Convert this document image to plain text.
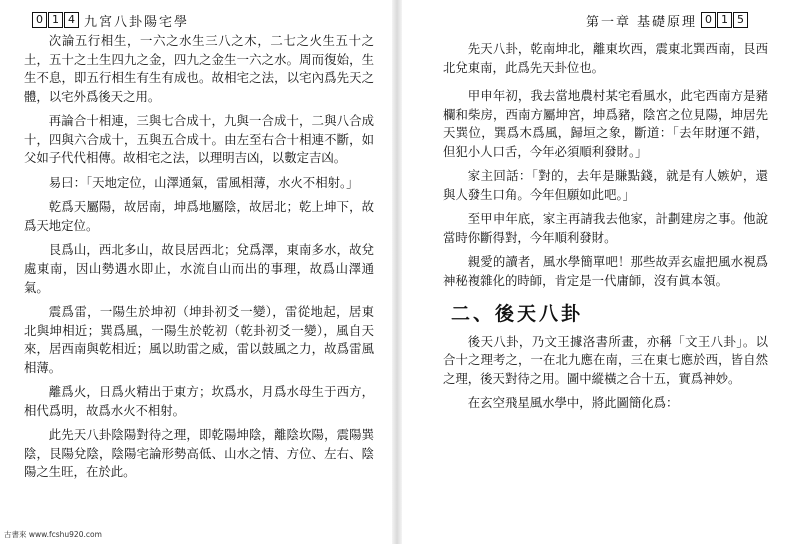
0 1 4 九宮八卦陽宅學

次論五行相生，一六之水生三八之木，二七之火生五十之土，五十之土生四九之金，四九之金生一六之水。周而復始，生生不息，即五行相生有生有成也。故相宅之法，以宅內爲先天之體，以宅外爲後天之用。

再論合十相連，三與七合成十，九與一合成十，二與八合成十，四與六合成十，五與五合成十。由左至右合十相連不斷，如父如子代代相傳。故相宅之法，以理明吉凶，以數定吉凶。

易曰：「天地定位，山澤通氣，雷風相薄，水火不相射。」

乾爲天屬陽，故居南，坤爲地屬陰，故居北；乾上坤下，故爲天地定位。

艮爲山，西北多山，故艮居西北；兌爲澤，東南多水，故兌處東南，因山勢遇水即止，水流自山而出的事理，故爲山澤通氣。

震爲雷，一陽生於坤初（坤卦初爻一變），雷從地起，居東北與坤相近；巽爲風，一陽生於乾初（乾卦初爻一變），風自天來，居西南與乾相近；風以助雷之威，雷以鼓風之力，故爲雷風相薄。

離爲火，日爲火精出于東方；坎爲水，月爲水母生于西方，相代爲明，故爲水火不相射。

此先天八卦陰陽對待之理，即乾陽坤陰，離陰坎陽，震陽巽陰，艮陽兌陰，陰陽宅論形勢高低、山水之情、方位、左右、陰陽之生旺，在於此。

古書來 www.fcshu920.com
第一章 基礎原理 0 1 5

先天八卦，乾南坤北，離東坎西，震東北巽西南，艮西北兌東南，此爲先天卦位也。

甲申年初，我去當地農村某宅看風水，此宅西南方是豬欄和柴房，西南方屬坤宮，坤爲豬，陰宮之位見陽，坤居先天巽位，巽爲木爲風，歸垣之象，斷道：「去年財運不錯，但犯小人口舌，今年必須順利發財。」

家主回話：「對的，去年是賺點錢，就是有人嫉妒，還與人發生口角。今年但願如此吧。」

至甲申年底，家主再請我去他家，計劃建房之事。他說當時你斷得對，今年順利發財。

親愛的讀者，風水學簡單吧！那些故弄玄虛把風水視爲神秘複雜化的時師，肯定是一代庸師，沒有眞本領。

二、後天八卦

後天八卦，乃文王據洛書所畫，亦稱「文王八卦」。以合十之理考之，一在北九應在南，三在東七應於西，皆自然之理，後天對待之用。圖中縱橫之合十五，實爲神妙。

在玄空飛星風水學中，將此圖簡化爲：
